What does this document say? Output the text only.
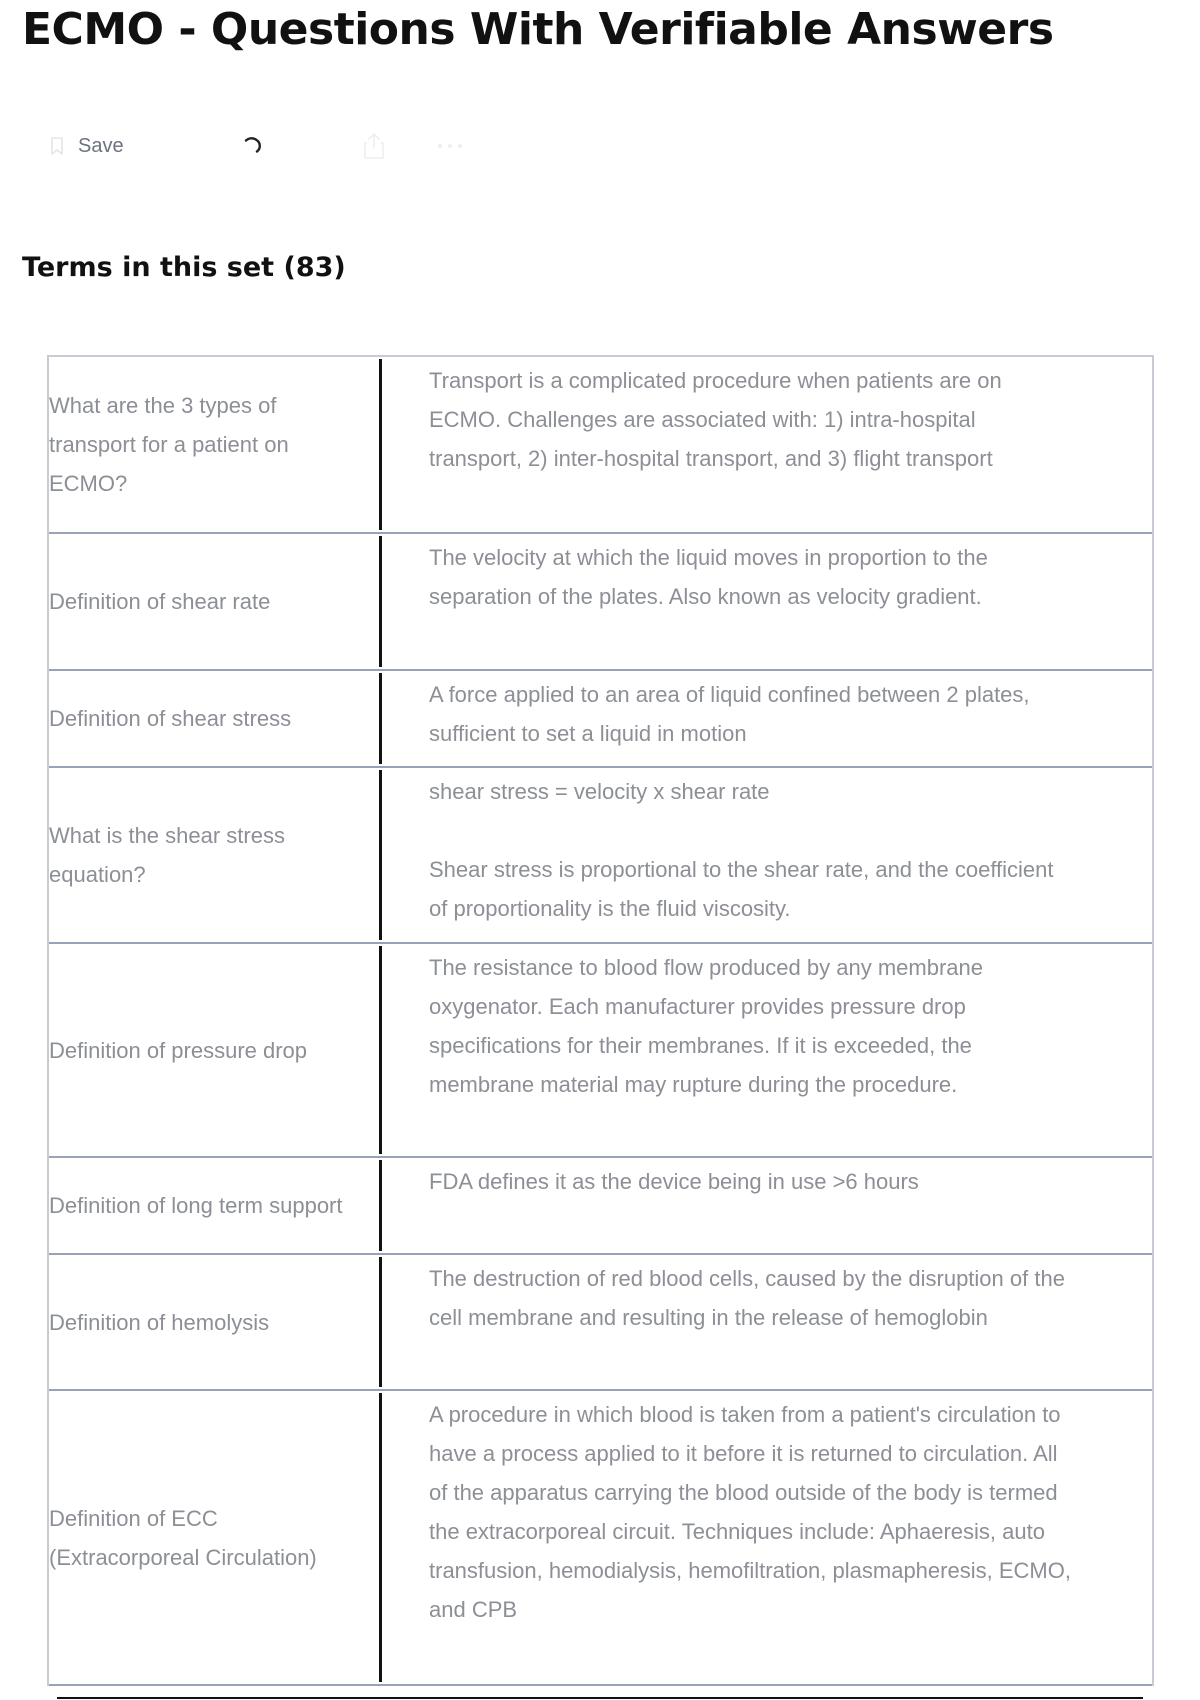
ECMO - Questions With Verifiable Answers
Save
Terms in this set (83)
What are the 3 types of transport for a patient on ECMO?

Transport is a complicated procedure when patients are on ECMO. Challenges are associated with: 1) intra-hospital transport, 2) inter-hospital transport, and 3) flight transport

Definition of shear rate

The velocity at which the liquid moves in proportion to the separation of the plates. Also known as velocity gradient.

Definition of shear stress

A force applied to an area of liquid confined between 2 plates, sufficient to set a liquid in motion

What is the shear stress equation?

shear stress = velocity x shear rate

Shear stress is proportional to the shear rate, and the coefficient of proportionality is the fluid viscosity.

Definition of pressure drop

The resistance to blood flow produced by any membrane oxygenator. Each manufacturer provides pressure drop specifications for their membranes. If it is exceeded, the membrane material may rupture during the procedure.

Definition of long term support

FDA defines it as the device being in use >6 hours

Definition of hemolysis

The destruction of red blood cells, caused by the disruption of the cell membrane and resulting in the release of hemoglobin

Definition of ECC (Extracorporeal Circulation)

A procedure in which blood is taken from a patient's circulation to have a process applied to it before it is returned to circulation. All of the apparatus carrying the blood outside of the body is termed the extracorporeal circuit. Techniques include: Aphaeresis, auto transfusion, hemodialysis, hemofiltration, plasmapheresis, ECMO, and CPB
